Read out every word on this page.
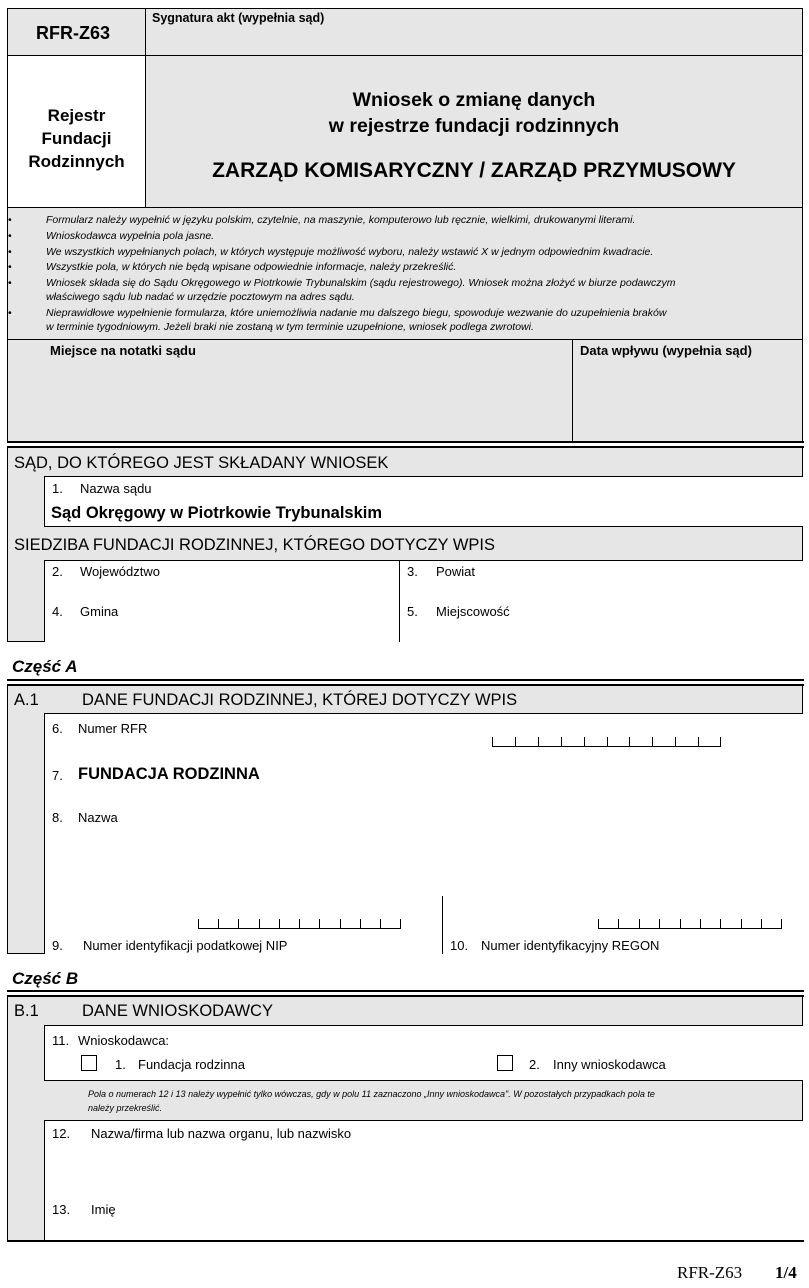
RFR-Z63
Sygnatura akt (wypełnia sąd)
Rejestr
Fundacji
Rodzinnych
Wniosek o zmianę danych
w rejestrze fundacji rodzinnych
ZARZĄD KOMISARYCZNY / ZARZĄD PRZYMUSOWY
•	Formularz należy wypełnić w języku polskim, czytelnie, na maszynie, komputerowo lub ręcznie, wielkimi, drukowanymi literami.
•	Wnioskodawca wypełnia pola jasne.
•	We wszystkich wypełnianych polach, w których występuje możliwość wyboru, należy wstawić X w jednym odpowiednim kwadracie.
•	Wszystkie pola, w których nie będą wpisane odpowiednie informacje, należy przekreślić.
•	Wniosek składa się do Sądu Okręgowego w Piotrkowie Trybunalskim (sądu rejestrowego). Wniosek można złożyć w biurze podawczym
właściwego sądu lub nadać w urzędzie pocztowym na adres sądu.
•	Nieprawidłowe wypełnienie formularza, które uniemożliwia nadanie mu dalszego biegu, spowoduje wezwanie do uzupełnienia braków
w terminie tygodniowym. Jeżeli braki nie zostaną w tym terminie uzupełnione, wniosek podlega zwrotowi.
Miejsce na notatki sądu	Data wpływu (wypełnia sąd)
SĄD, DO KTÓREGO JEST SKŁADANY WNIOSEK
1. Nazwa sądu
Sąd Okręgowy w Piotrkowie Trybunalskim
SIEDZIBA FUNDACJI RODZINNEJ, KTÓREGO DOTYCZY WPIS
2. Województwo	3. Powiat
4. Gmina	5. Miejscowość
Część A
A.1	DANE FUNDACJI RODZINNEJ, KTÓREJ DOTYCZY WPIS
6. Numer RFR
7. FUNDACJA RODZINNA
8. Nazwa
9. Numer identyfikacji podatkowej NIP	10. Numer identyfikacyjny REGON
Część B
B.1	DANE WNIOSKODAWCY
11. Wnioskodawca:
1. Fundacja rodzinna	2. Inny wnioskodawca
Pola o numerach 12 i 13 należy wypełnić tylko wówczas, gdy w polu 11 zaznaczono „Inny wnioskodawca". W pozostałych przypadkach pola te
należy przekreślić.
12. Nazwa/firma lub nazwa organu, lub nazwisko
13. Imię
RFR-Z63 1/4
